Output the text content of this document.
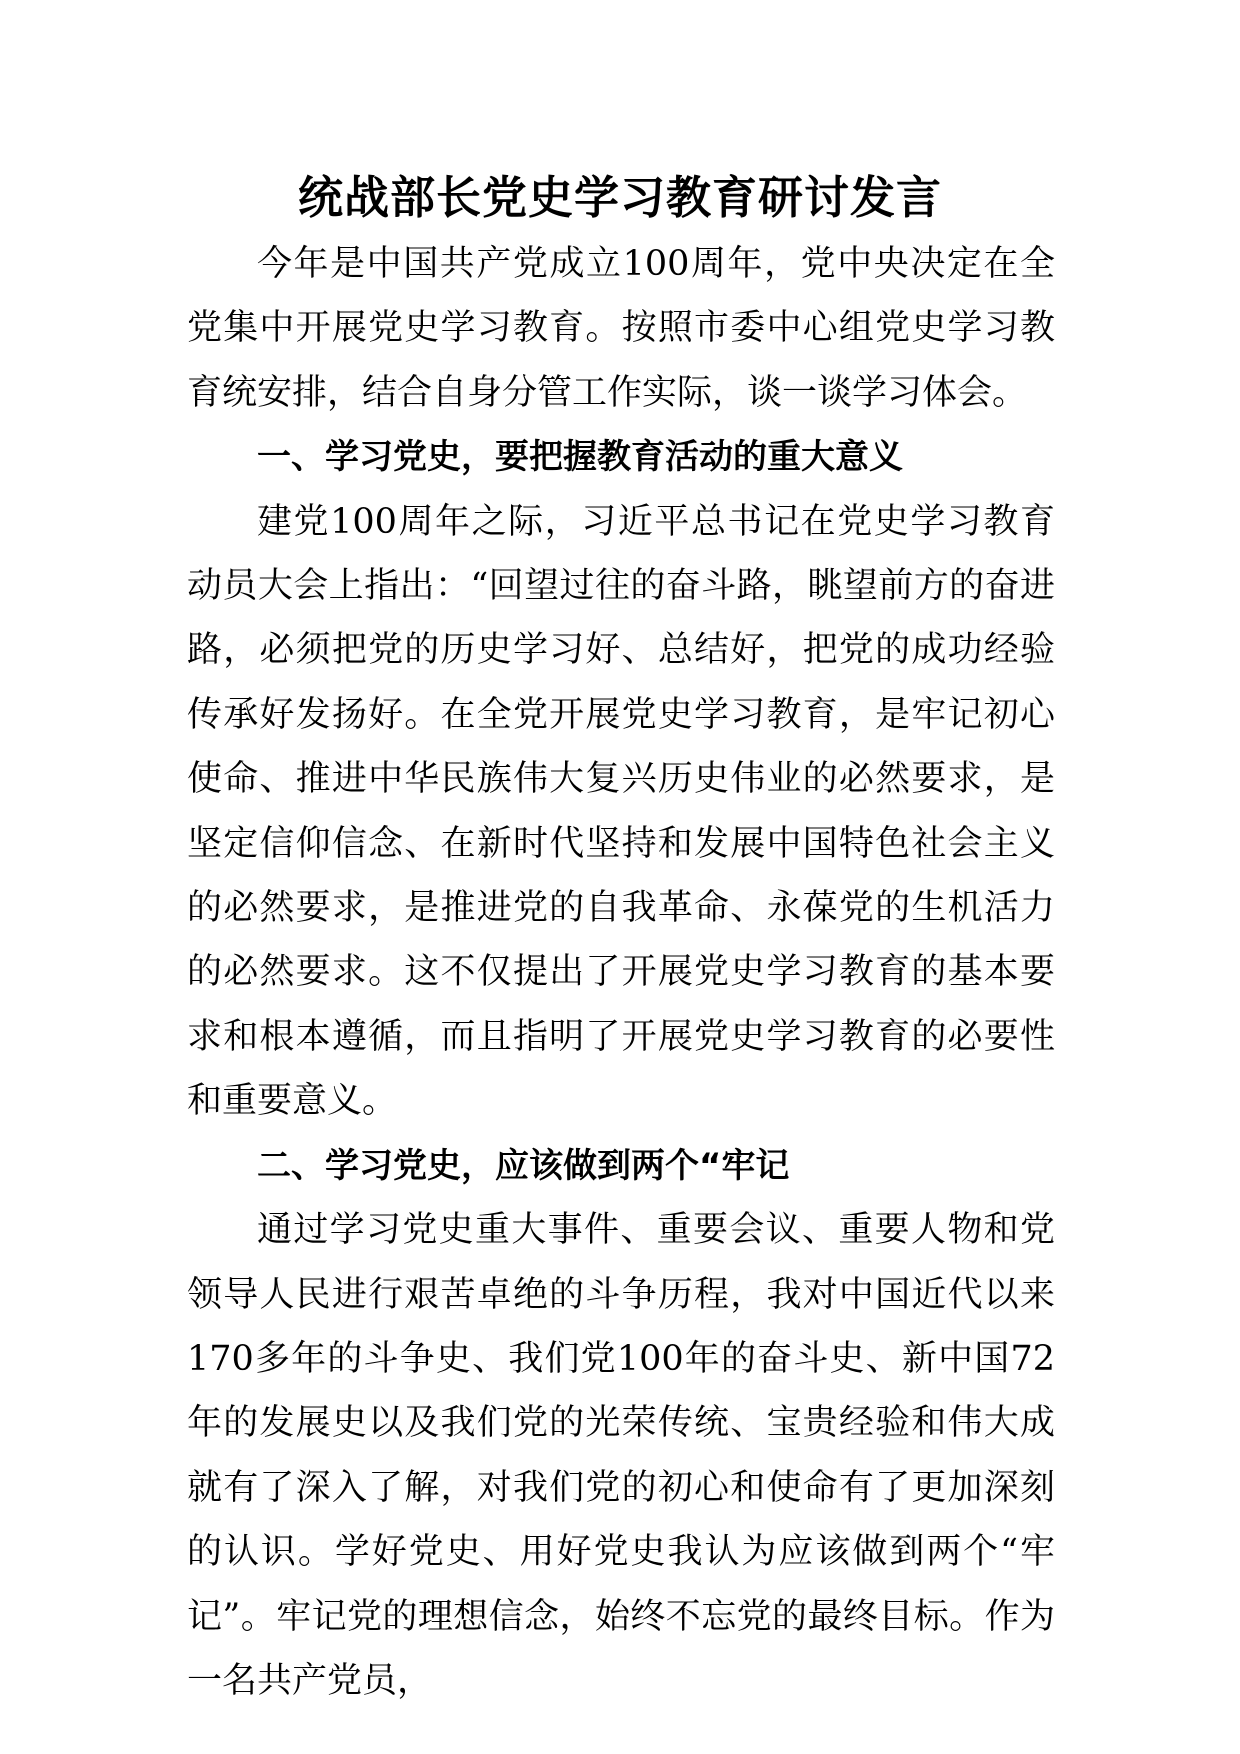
统战部长党史学习教育研讨发言

今年是中国共产党成立100周年，党中央决定在全党集中开展党史学习教育。按照市委中心组党史学习教育统安排，结合自身分管工作实际，谈一谈学习体会。

一、学习党史，要把握教育活动的重大意义

建党100周年之际，习近平总书记在党史学习教育动员大会上指出：“回望过往的奋斗路，眺望前方的奋进路，必须把党的历史学习好、总结好，把党的成功经验传承好发扬好。在全党开展党史学习教育，是牢记初心使命、推进中华民族伟大复兴历史伟业的必然要求，是坚定信仰信念、在新时代坚持和发展中国特色社会主义的必然要求，是推进党的自我革命、永葆党的生机活力的必然要求。这不仅提出了开展党史学习教育的基本要求和根本遵循，而且指明了开展党史学习教育的必要性和重要意义。

二、学习党史，应该做到两个“牢记

通过学习党史重大事件、重要会议、重要人物和党领导人民进行艰苦卓绝的斗争历程，我对中国近代以来170多年的斗争史、我们党100年的奋斗史、新中国72年的发展史以及我们党的光荣传统、宝贵经验和伟大成就有了深入了解，对我们党的初心和使命有了更加深刻的认识。学好党史、用好党史我认为应该做到两个“牢记”。牢记党的理想信念，始终不忘党的最终目标。作为一名共产党员，
